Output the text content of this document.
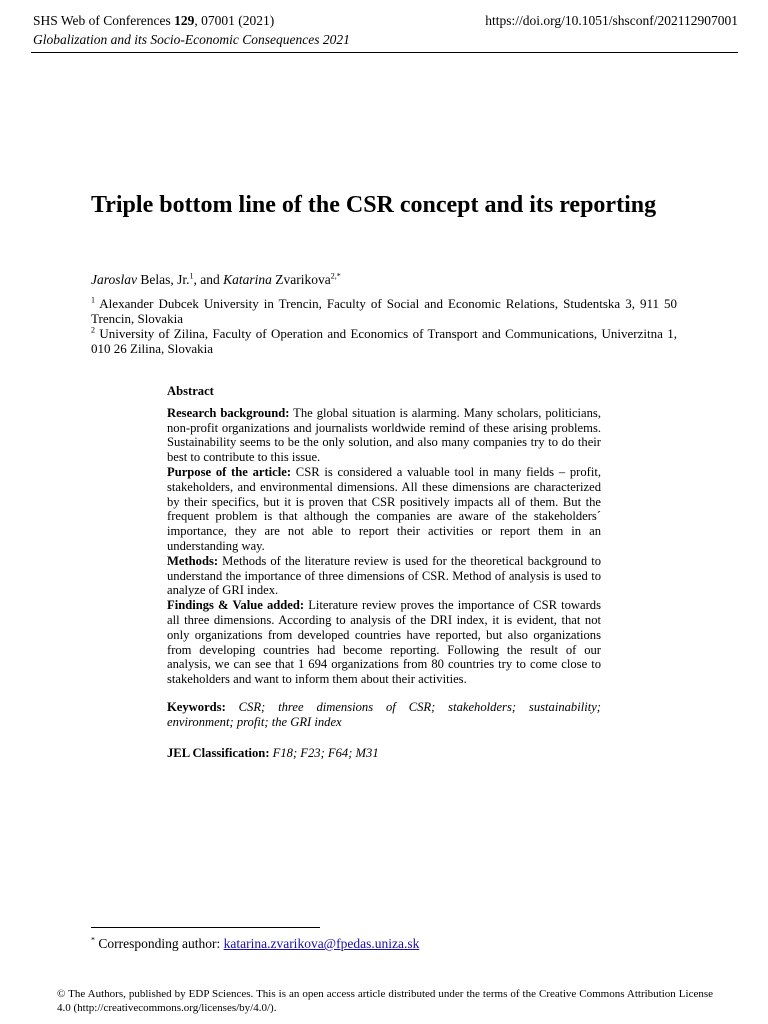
SHS Web of Conferences 129, 07001 (2021)	https://doi.org/10.1051/shsconf/202112907001
Globalization and its Socio-Economic Consequences 2021
Triple bottom line of the CSR concept and its reporting
Jaroslav Belas, Jr.$^1$, and Katarina Zvarikova$^{2,*}$

$^1$ Alexander Dubcek University in Trencin, Faculty of Social and Economic Relations, Studentska 3, 911 50 Trencin, Slovakia

$^2$ University of Zilina, Faculty of Operation and Economics of Transport and Communications, Univerzitna 1, 010 26 Zilina, Slovakia

Abstract

Research background: The global situation is alarming. Many scholars, politicians, non-profit organizations and journalists worldwide remind of these arising problems. Sustainability seems to be the only solution, and also many companies try to do their best to contribute to this issue.

Purpose of the article: CSR is considered a valuable tool in many fields – profit, stakeholders, and environmental dimensions. All these dimensions are characterized by their specifics, but it is proven that CSR positively impacts all of them. But the frequent problem is that although the companies are aware of the stakeholders´ importance, they are not able to report their activities or report them in an understanding way.

Methods: Methods of the literature review is used for the theoretical background to understand the importance of three dimensions of CSR. Method of analysis is used to analyze of GRI index.

Findings & Value added: Literature review proves the importance of CSR towards all three dimensions. According to analysis of the DRI index, it is evident, that not only organizations from developed countries have reported, but also organizations from developing countries had become reporting. Following the result of our analysis, we can see that 1 694 organizations from 80 countries try to come close to stakeholders and want to inform them about their activities.

Keywords: CSR; three dimensions of CSR; stakeholders; sustainability; environment; profit; the GRI index

JEL Classification: F18; F23; F64; M31

* Corresponding author: katarina.zvarikova@fpedas.uniza.sk
© The Authors, published by EDP Sciences. This is an open access article distributed under the terms of the Creative Commons Attribution License 4.0 (http://creativecommons.org/licenses/by/4.0/).
